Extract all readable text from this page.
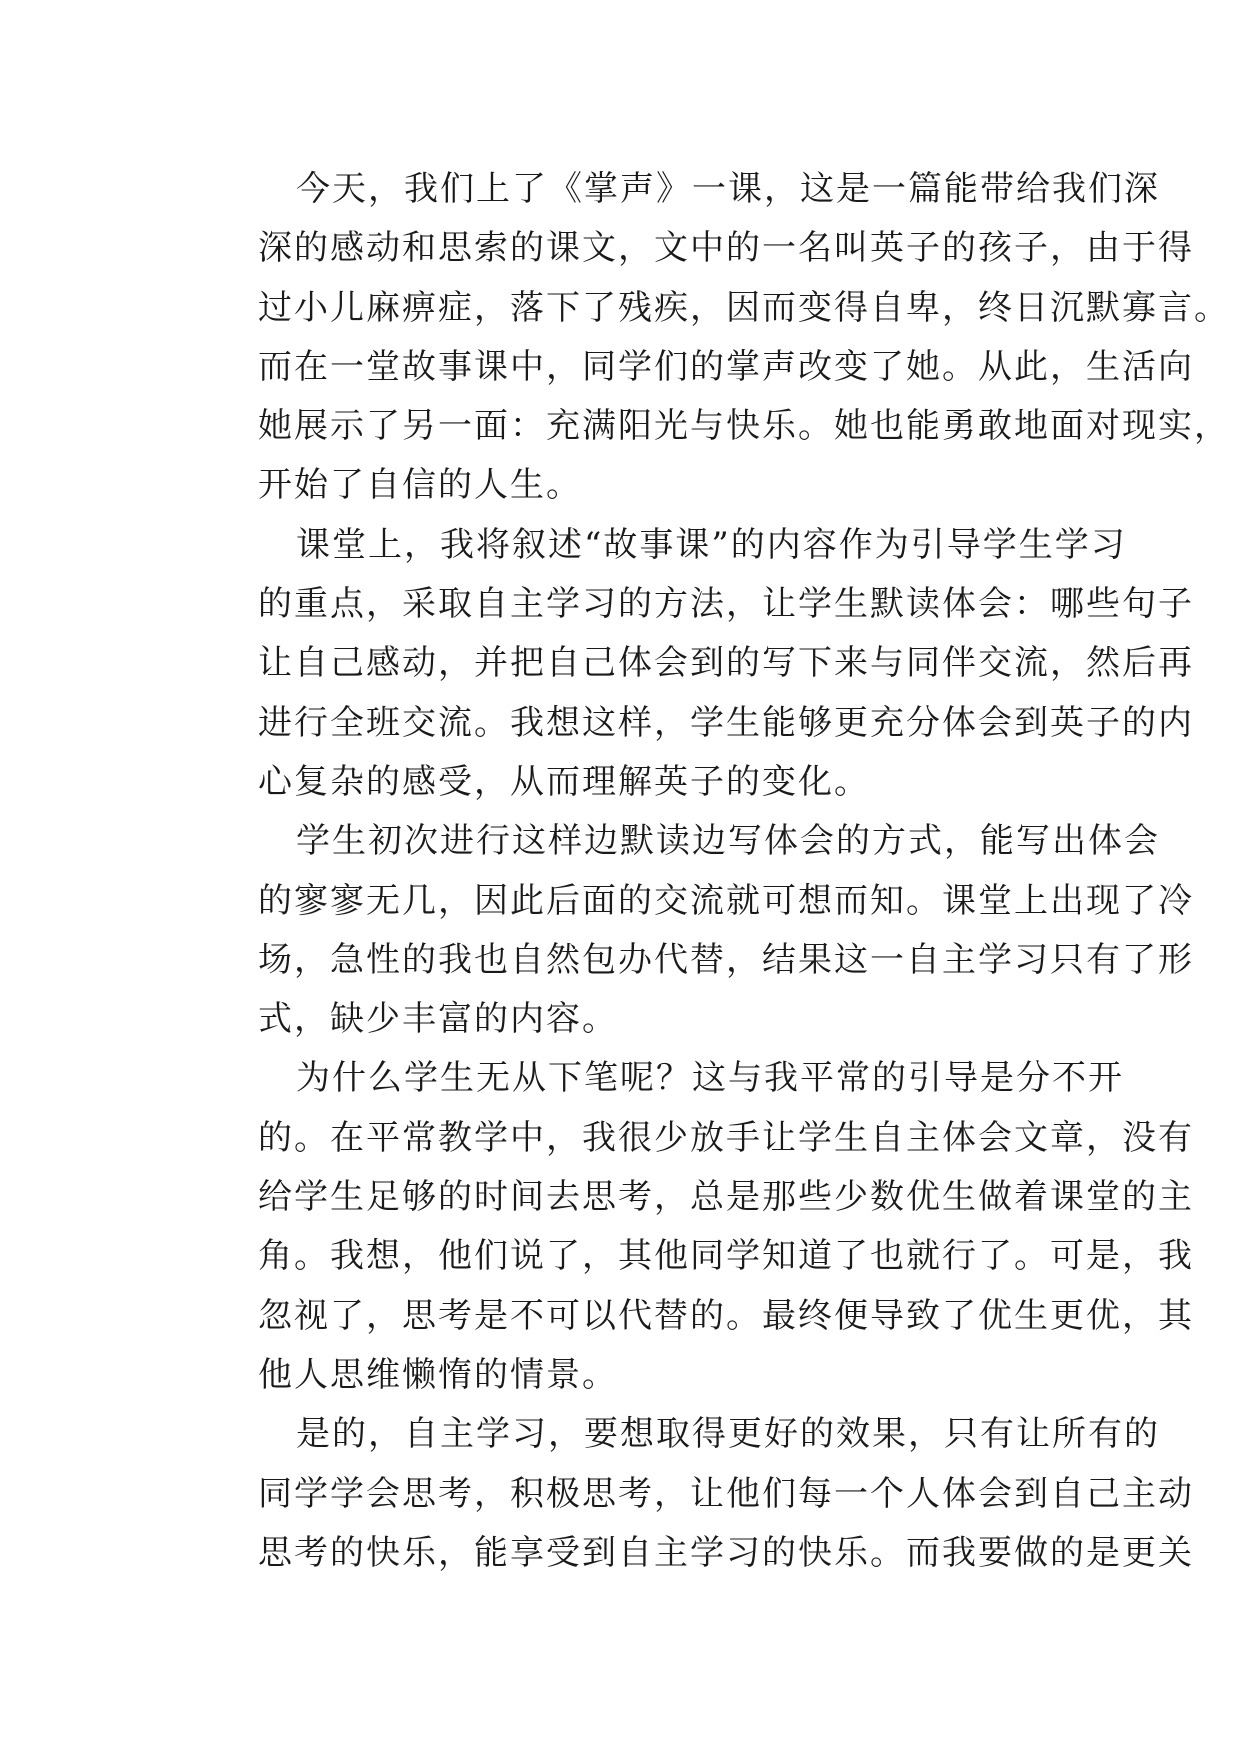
今天，我们上了《掌声》一课，这是一篇能带给我们深
深的感动和思索的课文，文中的一名叫英子的孩子，由于得
过小儿麻痹症，落下了残疾，因而变得自卑，终日沉默寡言。
而在一堂故事课中，同学们的掌声改变了她。从此，生活向
她展示了另一面：充满阳光与快乐。她也能勇敢地面对现实，
开始了自信的人生。
课堂上，我将叙述“故事课”的内容作为引导学生学习
的重点，采取自主学习的方法，让学生默读体会：哪些句子
让自己感动，并把自己体会到的写下来与同伴交流，然后再
进行全班交流。我想这样，学生能够更充分体会到英子的内
心复杂的感受，从而理解英子的变化。
学生初次进行这样边默读边写体会的方式，能写出体会
的寥寥无几，因此后面的交流就可想而知。课堂上出现了冷
场，急性的我也自然包办代替，结果这一自主学习只有了形
式，缺少丰富的内容。
为什么学生无从下笔呢？这与我平常的引导是分不开
的。在平常教学中，我很少放手让学生自主体会文章，没有
给学生足够的时间去思考，总是那些少数优生做着课堂的主
角。我想，他们说了，其他同学知道了也就行了。可是，我
忽视了，思考是不可以代替的。最终便导致了优生更优，其
他人思维懒惰的情景。
是的，自主学习，要想取得更好的效果，只有让所有的
同学学会思考，积极思考，让他们每一个人体会到自己主动
思考的快乐，能享受到自主学习的快乐。而我要做的是更关
